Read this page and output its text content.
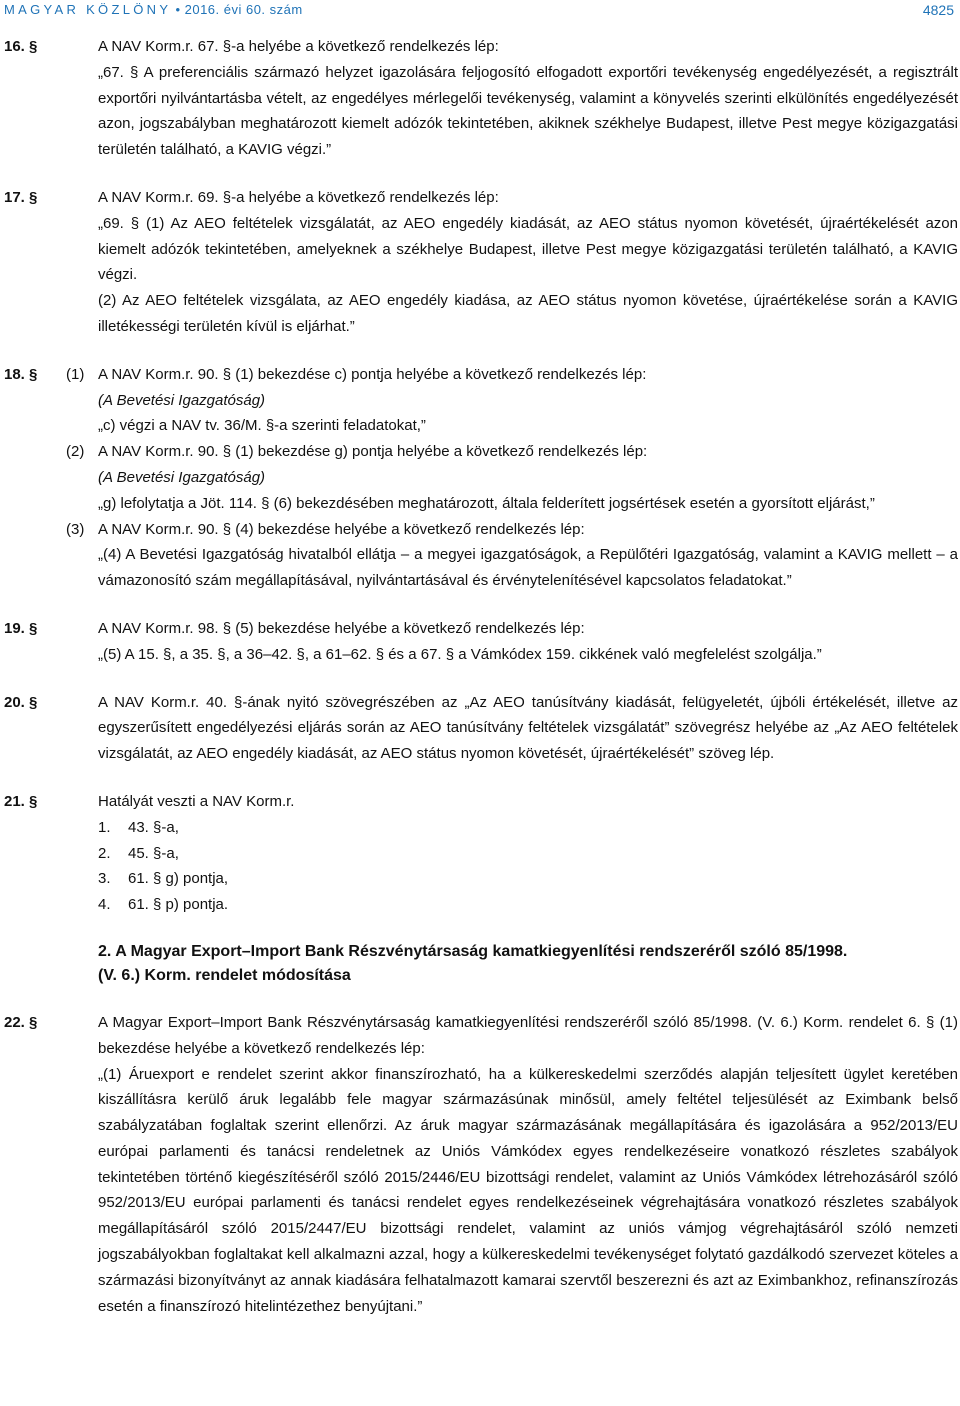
MAGYAR KÖZLÖNY • 2016. évi 60. szám	4825
16. §	A NAV Korm.r. 67. §-a helyébe a következő rendelkezés lép:
„67. § A preferenciális származó helyzet igazolására feljogosító elfogadott exportőri tevékenység engedélyezését, a regisztrált exportőri nyilvántartásba vételt, az engedélyes mérlegelői tevékenység, valamint a könyvelés szerinti elkülönítés engedélyezését azon, jogszabályban meghatározott kiemelt adózók tekintetében, akiknek székhelye Budapest, illetve Pest megye közigazgatási területén található, a KAVIG végzi.”
17. §	A NAV Korm.r. 69. §-a helyébe a következő rendelkezés lép:
„69. § (1) Az AEO feltételek vizsgálatát, az AEO engedély kiadását, az AEO státus nyomon követését, újraértékelését azon kiemelt adózók tekintetében, amelyeknek a székhelye Budapest, illetve Pest megye közigazgatási területén található, a KAVIG végzi.
(2) Az AEO feltételek vizsgálata, az AEO engedély kiadása, az AEO státus nyomon követése, újraértékelése során a KAVIG illetékességi területén kívül is eljárhat.”
18. § (1) A NAV Korm.r. 90. § (1) bekezdése c) pontja helyébe a következő rendelkezés lép:
(A Bevetési Igazgatóság)
„c) végzi a NAV tv. 36/M. §-a szerinti feladatokat,”
(2) A NAV Korm.r. 90. § (1) bekezdése g) pontja helyébe a következő rendelkezés lép:
(A Bevetési Igazgatóság)
„g) lefolytatja a Jöt. 114. § (6) bekezdésében meghatározott, általa felderített jogsértések esetén a gyorsított eljárást,”
(3) A NAV Korm.r. 90. § (4) bekezdése helyébe a következő rendelkezés lép:
„(4) A Bevetési Igazgatóság hivatalból ellátja – a megyei igazgatóságok, a Repülőtéri Igazgatóság, valamint a KAVIG mellett – a vámazonosító szám megállapításával, nyilvántartásával és érvénytelenítésével kapcsolatos feladatokat.”
19. §	A NAV Korm.r. 98. § (5) bekezdése helyébe a következő rendelkezés lép:
„(5) A 15. §, a 35. §, a 36–42. §, a 61–62. § és a 67. § a Vámkódex 159. cikkének való megfelelést szolgálja.”
20. §	A NAV Korm.r. 40. §-ának nyitó szövegrészében az „Az AEO tanúsítvány kiadását, felügyeletét, újbóli értékelését, illetve az egyszerűsített engedélyezési eljárás során az AEO tanúsítvány feltételek vizsgálatát” szövegrész helyébe az „Az AEO feltételek vizsgálatát, az AEO engedély kiadását, az AEO státus nyomon követését, újraértékelését” szöveg lép.
21. §	Hatályát veszti a NAV Korm.r.
1. 43. §-a,
2. 45. §-a,
3. 61. § g) pontja,
4. 61. § p) pontja.
2. A Magyar Export–Import Bank Részvénytársaság kamatkiegyenlítési rendszeréről szóló 85/1998. (V. 6.) Korm. rendelet módosítása
22. §	A Magyar Export–Import Bank Részvénytársaság kamatkiegyenlítési rendszeréről szóló 85/1998. (V. 6.) Korm. rendelet 6. § (1) bekezdése helyébe a következő rendelkezés lép:
„(1) Áruexport e rendelet szerint akkor finanszírozható, ha a külkereskedelmi szerződés alapján teljesített ügylet keretében kiszállításra kerülő áruk legalább fele magyar származásúnak minősül, amely feltétel teljesülését az Eximbank belső szabályzatában foglaltak szerint ellenőrzi. Az áruk magyar származásának megállapítására és igazolására a 952/2013/EU európai parlamenti és tanácsi rendeletnek az Uniós Vámkódex egyes rendelkezéseire vonatkozó részletes szabályok tekintetében történő kiegészítéséről szóló 2015/2446/EU bizottsági rendelet, valamint az Uniós Vámkódex létrehozásáról szóló 952/2013/EU európai parlamenti és tanácsi rendelet egyes rendelkezéseinek végrehajtására vonatkozó részletes szabályok megállapításáról szóló 2015/2447/EU bizottsági rendelet, valamint az uniós vámjog végrehajtásáról szóló nemzeti jogszabályokban foglaltakat kell alkalmazni azzal, hogy a külkereskedelmi tevékenységet folytató gazdálkodó szervezet köteles a származási bizonyítványt az annak kiadására felhatalmazott kamarai szervtől beszerezni és azt az Eximbankhoz, refinanszírozás esetén a finanszírozó hitelintézethez benyújtani.”
